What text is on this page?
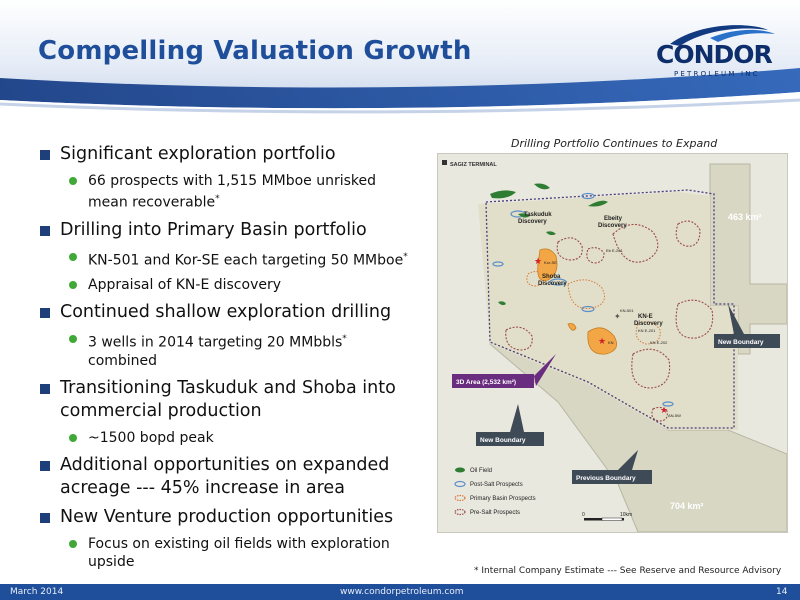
Compelling Valuation Growth	CONDOR
PETROLEUM INC
Significant exploration portfolio
66 prospects with 1,515 MMboe unrisked mean recoverable*
Drilling into Primary Basin portfolio
KN-501 and Kor-SE each targeting 50 MMboe*
Appraisal of KN-E discovery
Continued shallow exploration drilling
3 wells in 2014 targeting 20 MMbbls* combined
Transitioning Taskuduk and Shoba into commercial production
~1500 bopd peak
Additional opportunities on expanded acreage --- 45% increase in area
New Venture production opportunities
Focus on existing oil fields with exploration upside
Drilling Portfolio Continues to Expand
SAGIZ TERMINAL
Taskuduk Discovery	Ebeity Discovery
Shoba Discovery
KN-E Discovery
★ Kor-SE
★ KN
✦
KN-501
★
AN-5W
Eb E-201
KN E-201
KN E-202
463 km²
704 km²
3D Area (2,532 km²)
New Boundary
New Boundary
Previous Boundary
Oil Field
Post-Salt Prospects
Primary Basin Prospects
Pre-Salt Prospects	0	10km
* Internal Company Estimate --- See Reserve and Resource Advisory
March 2014	www.condorpetroleum.com	14
